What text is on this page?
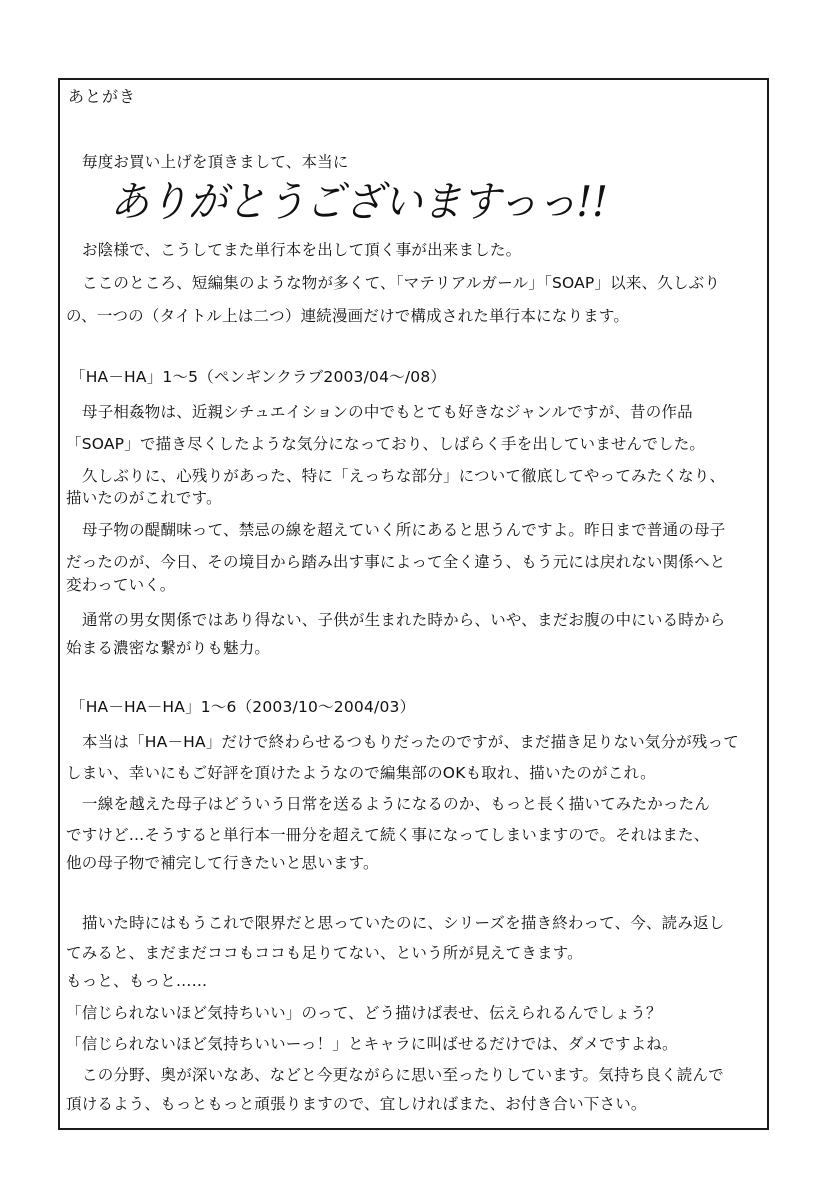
あとがき
毎度お買い上げを頂きまして、本当に
ありがとうございますっっ!!
お陰様で、こうしてまた単行本を出して頂く事が出来ました。
ここのところ、短編集のような物が多くて、「マテリアルガール」「SOAP」以来、久しぶり
の、一つの（タイトル上は二つ）連続漫画だけで構成された単行本になります。
「HA－HA」1～5（ペンギンクラブ2003/04～/08）
母子相姦物は、近親シチュエイションの中でもとても好きなジャンルですが、昔の作品
「SOAP」で描き尽くしたような気分になっており、しばらく手を出していませんでした。
久しぶりに、心残りがあった、特に「えっちな部分」について徹底してやってみたくなり、
描いたのがこれです。
母子物の醍醐味って、禁忌の線を超えていく所にあると思うんですよ。昨日まで普通の母子
だったのが、今日、その境目から踏み出す事によって全く違う、もう元には戻れない関係へと
変わっていく。
通常の男女関係ではあり得ない、子供が生まれた時から、いや、まだお腹の中にいる時から
始まる濃密な繋がりも魅力。
「HA－HA－HA」1～6（2003/10～2004/03）
本当は「HA－HA」だけで終わらせるつもりだったのですが、まだ描き足りない気分が残って
しまい、幸いにもご好評を頂けたようなので編集部のOKも取れ、描いたのがこれ。
一線を越えた母子はどういう日常を送るようになるのか、もっと長く描いてみたかったん
ですけど…そうすると単行本一冊分を超えて続く事になってしまいますので。それはまた、
他の母子物で補完して行きたいと思います。
描いた時にはもうこれで限界だと思っていたのに、シリーズを描き終わって、今、読み返し
てみると、まだまだココもココも足りてない、という所が見えてきます。
もっと、もっと……
「信じられないほど気持ちいい」のって、どう描けば表せ、伝えられるんでしょう？
「信じられないほど気持ちいいーっ！」とキャラに叫ばせるだけでは、ダメですよね。
この分野、奥が深いなあ、などと今更ながらに思い至ったりしています。気持ち良く読んで
頂けるよう、もっともっと頑張りますので、宜しければまた、お付き合い下さい。
